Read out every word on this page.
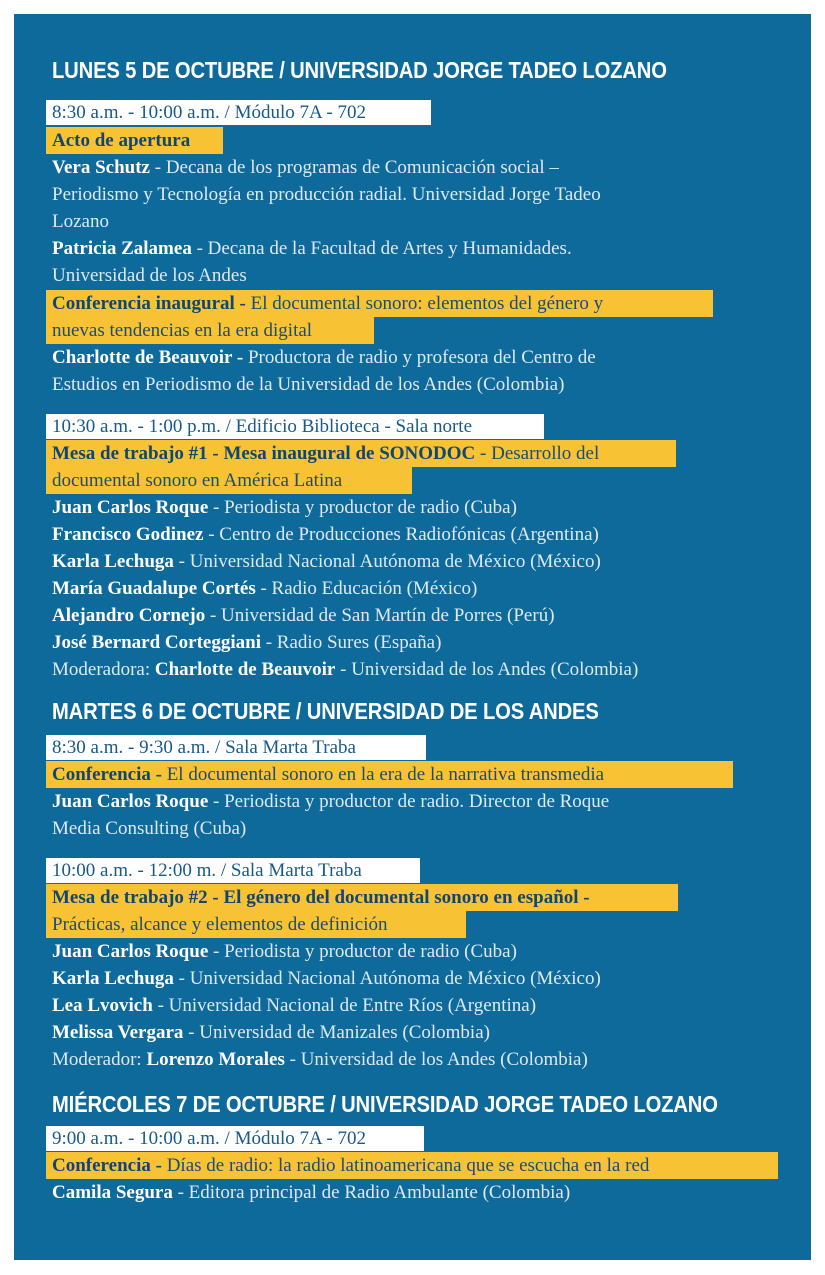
LUNES 5 DE OCTUBRE / UNIVERSIDAD JORGE TADEO LOZANO
8:30 a.m. - 10:00 a.m. / Módulo 7A - 702
Acto de apertura
Vera Schutz - Decana de los programas de Comunicación social –
Periodismo y Tecnología en producción radial. Universidad Jorge Tadeo
Lozano
Patricia Zalamea - Decana de la Facultad de Artes y Humanidades.
Universidad de los Andes
Conferencia inaugural - El documental sonoro: elementos del género y
nuevas tendencias en la era digital
Charlotte de Beauvoir - Productora de radio y profesora del Centro de
Estudios en Periodismo de la Universidad de los Andes (Colombia)
10:30 a.m. - 1:00 p.m. / Edificio Biblioteca - Sala norte
Mesa de trabajo #1 - Mesa inaugural de SONODOC - Desarrollo del
documental sonoro en América Latina
Juan Carlos Roque - Periodista y productor de radio (Cuba)
Francisco Godinez - Centro de Producciones Radiofónicas (Argentina)
Karla Lechuga - Universidad Nacional Autónoma de México (México)
María Guadalupe Cortés - Radio Educación (México)
Alejandro Cornejo - Universidad de San Martín de Porres (Perú)
José Bernard Corteggiani - Radio Sures (España)
Moderadora: Charlotte de Beauvoir - Universidad de los Andes (Colombia)
MARTES 6 DE OCTUBRE / UNIVERSIDAD DE LOS ANDES
8:30 a.m. - 9:30 a.m. / Sala Marta Traba
Conferencia - El documental sonoro en la era de la narrativa transmedia
Juan Carlos Roque - Periodista y productor de radio. Director de Roque
Media Consulting (Cuba)
10:00 a.m. - 12:00 m. / Sala Marta Traba
Mesa de trabajo #2 - El género del documental sonoro en español -
Prácticas, alcance y elementos de definición
Juan Carlos Roque - Periodista y productor de radio (Cuba)
Karla Lechuga - Universidad Nacional Autónoma de México (México)
Lea Lvovich - Universidad Nacional de Entre Ríos (Argentina)
Melissa Vergara - Universidad de Manizales (Colombia)
Moderador: Lorenzo Morales - Universidad de los Andes (Colombia)
MIÉRCOLES 7 DE OCTUBRE / UNIVERSIDAD JORGE TADEO LOZANO
9:00 a.m. - 10:00 a.m. / Módulo 7A - 702
Conferencia - Días de radio: la radio latinoamericana que se escucha en la red
Camila Segura - Editora principal de Radio Ambulante (Colombia)
